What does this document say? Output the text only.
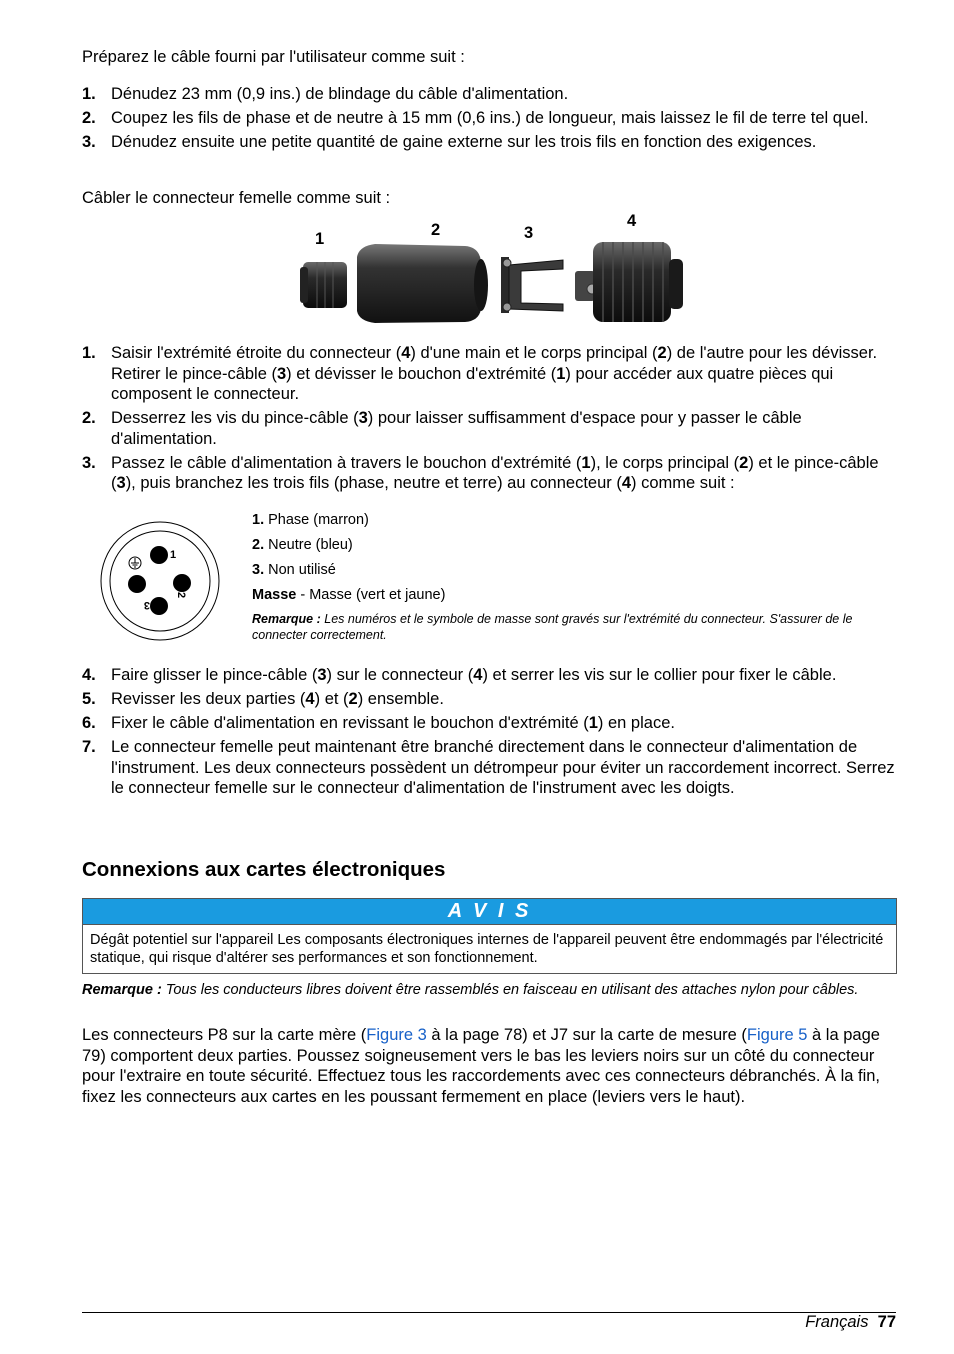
Préparez le câble fourni par l'utilisateur comme suit :
1. Dénudez 23 mm (0,9 ins.) de blindage du câble d'alimentation.
2. Coupez les fils de phase et de neutre à 15 mm (0,6 ins.) de longueur, mais laissez le fil de terre tel quel.
3. Dénudez ensuite une petite quantité de gaine externe sur les trois fils en fonction des exigences.
Câbler le connecteur femelle comme suit :
1	2	3
4
1. Saisir l'extrémité étroite du connecteur (4) d'une main et le corps principal (2) de l'autre pour les dévisser. Retirer le pince-câble (3) et dévisser le bouchon d'extrémité (1) pour accéder aux quatre pièces qui composent le connecteur.
2. Desserrez les vis du pince-câble (3) pour laisser suffisamment d'espace pour y passer le câble d'alimentation.
3. Passez le câble d'alimentation à travers le bouchon d'extrémité (1), le corps principal (2) et le pince-câble (3), puis branchez les trois fils (phase, neutre et terre) au connecteur (4) comme suit :
1
2
3
1. Phase (marron)
2. Neutre (bleu)
3. Non utilisé
Masse - Masse (vert et jaune)
Remarque : Les numéros et le symbole de masse sont gravés sur l'extrémité du connecteur. S'assurer de le connecter correctement.
4. Faire glisser le pince-câble (3) sur le connecteur (4) et serrer les vis sur le collier pour fixer le câble.
5. Revisser les deux parties (4) et (2) ensemble.
6. Fixer le câble d'alimentation en revissant le bouchon d'extrémité (1) en place.
7. Le connecteur femelle peut maintenant être branché directement dans le connecteur d'alimentation de l'instrument. Les deux connecteurs possèdent un détrompeur pour éviter un raccordement incorrect. Serrez le connecteur femelle sur le connecteur d'alimentation de l'instrument avec les doigts.
Connexions aux cartes électroniques
A V I S
Dégât potentiel sur l'appareil Les composants électroniques internes de l'appareil peuvent être endommagés par l'électricité statique, qui risque d'altérer ses performances et son fonctionnement.
Remarque : Tous les conducteurs libres doivent être rassemblés en faisceau en utilisant des attaches nylon pour câbles.
Les connecteurs P8 sur la carte mère (Figure 3 à la page 78) et J7 sur la carte de mesure (Figure 5 à la page 79) comportent deux parties. Poussez soigneusement vers le bas les leviers noirs sur un côté du connecteur pour l'extraire en toute sécurité. Effectuez tous les raccordements avec ces connecteurs débranchés. À la fin, fixez les connecteurs aux cartes en les poussant fermement en place (leviers vers le haut).
Français 77
